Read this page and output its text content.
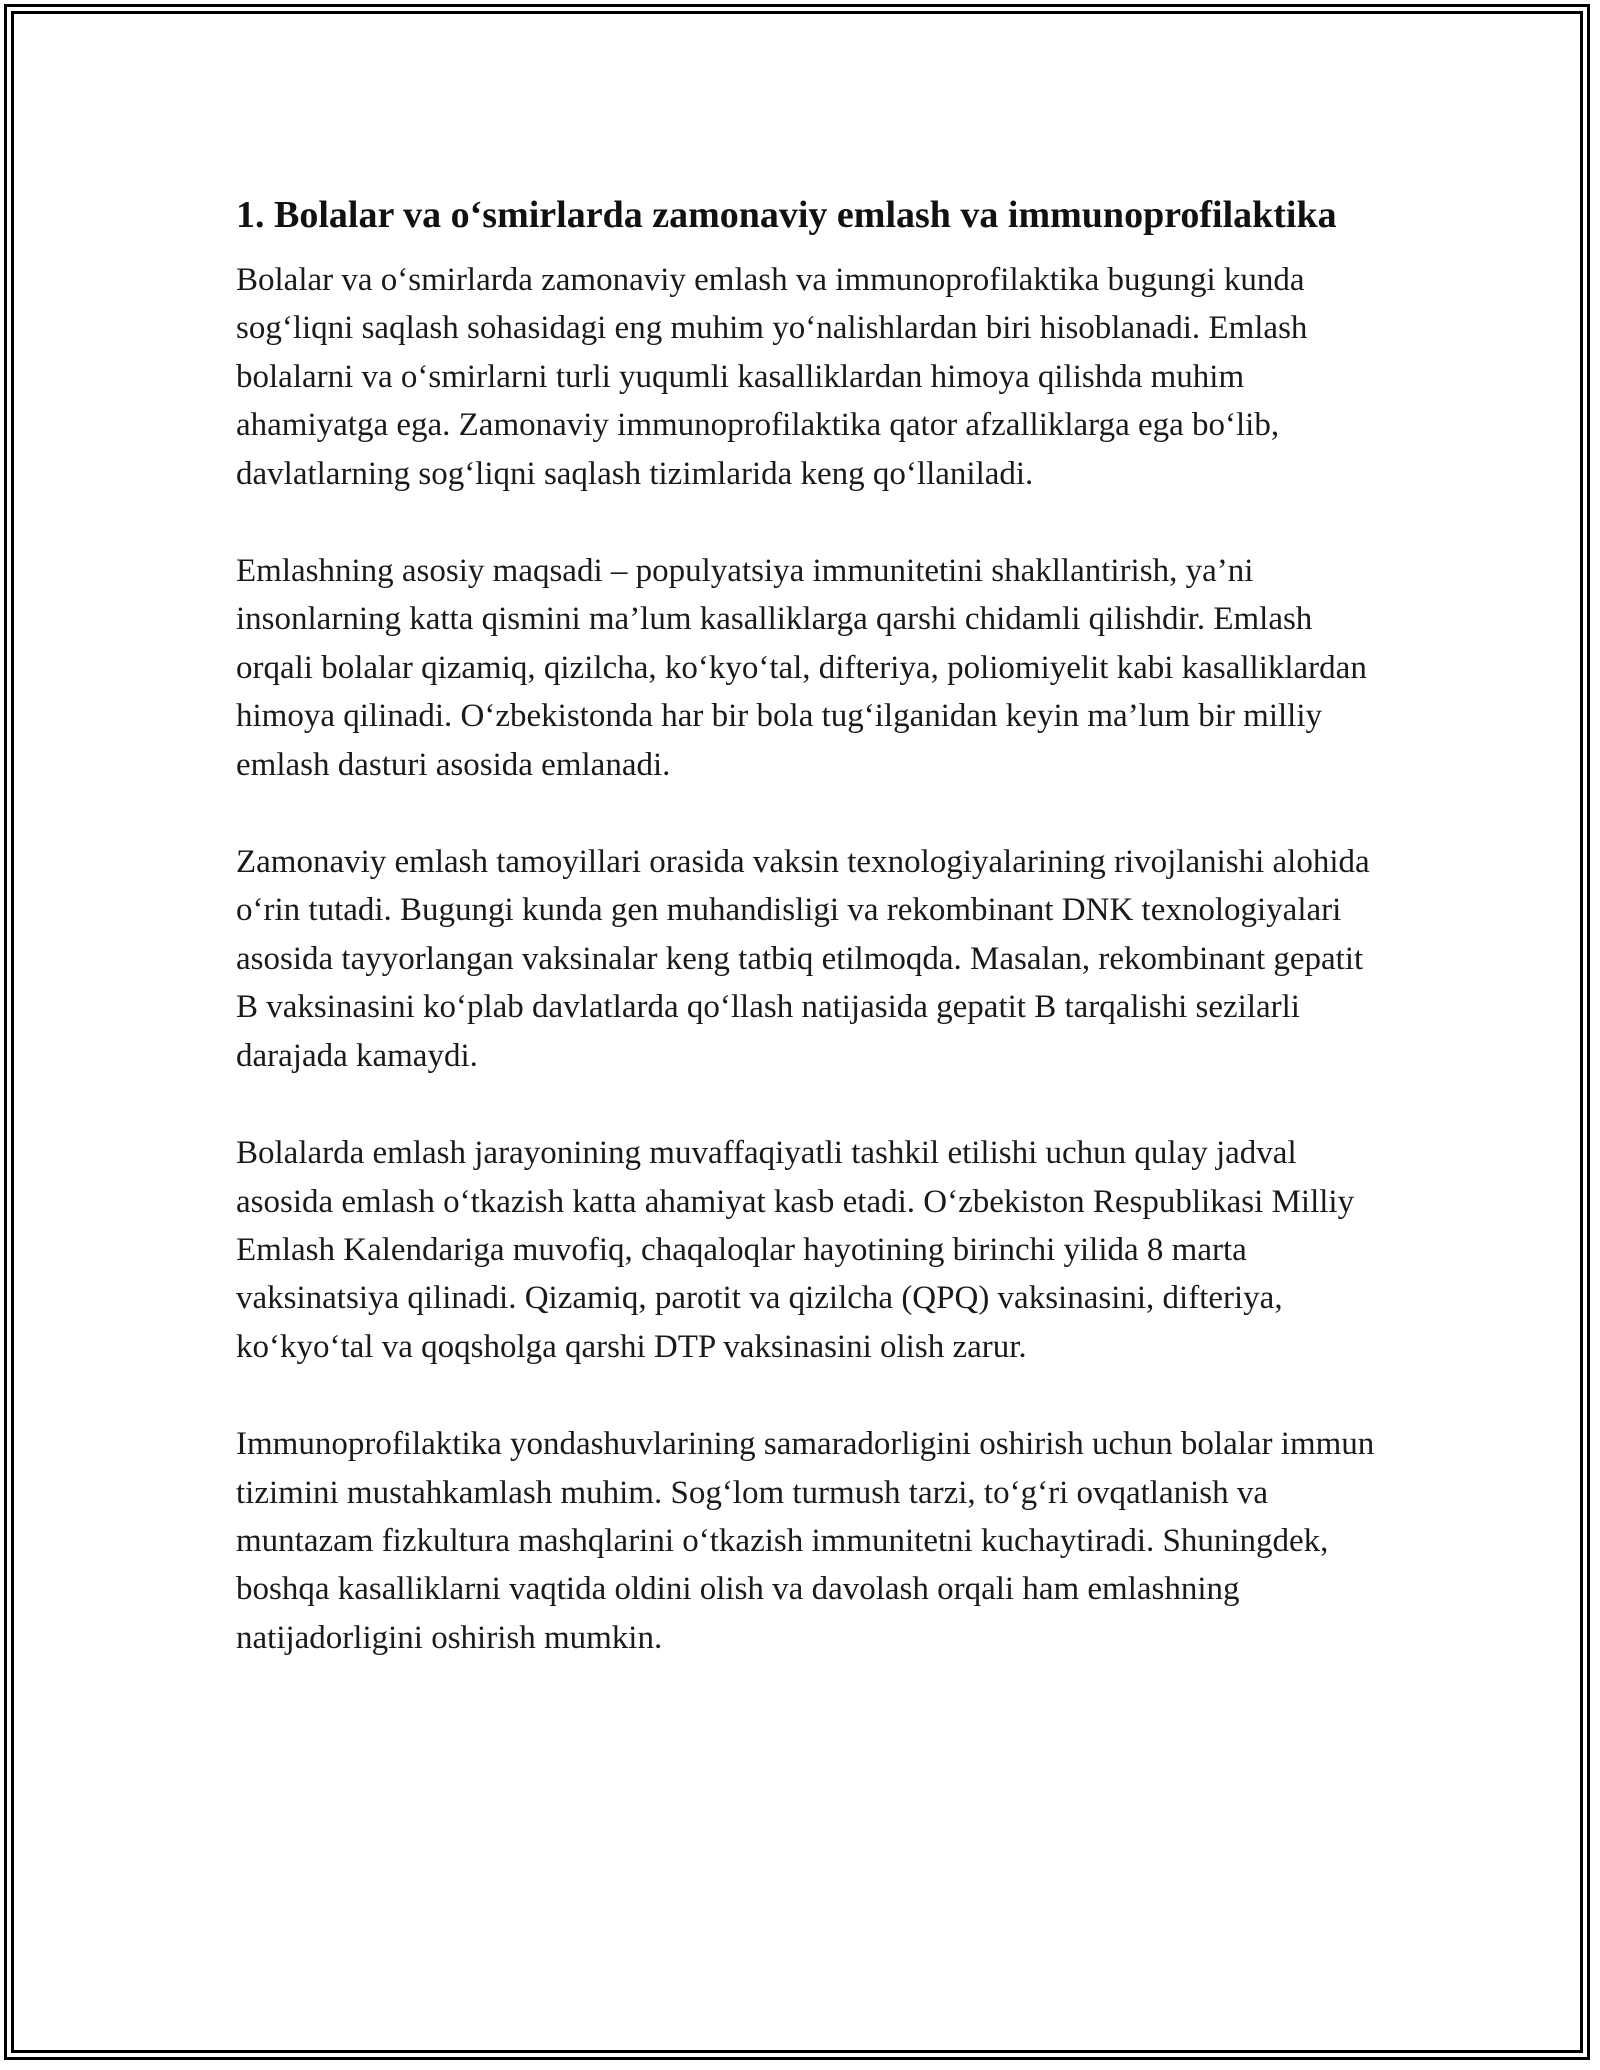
1. Bolalar va o‘smirlarda zamonaviy emlash va immunoprofilaktika

Bolalar va o‘smirlarda zamonaviy emlash va immunoprofilaktika bugungi kunda sog‘liqni saqlash sohasidagi eng muhim yo‘nalishlardan biri hisoblanadi. Emlash bolalarni va o‘smirlarni turli yuqumli kasalliklardan himoya qilishda muhim ahamiyatga ega. Zamonaviy immunoprofilaktika qator afzalliklarga ega bo‘lib, davlatlarning sog‘liqni saqlash tizimlarida keng qo‘llaniladi.

Emlashning asosiy maqsadi – populyatsiya immunitetini shakllantirish, ya’ni insonlarning katta qismini ma’lum kasalliklarga qarshi chidamli qilishdir. Emlash orqali bolalar qizamiq, qizilcha, ko‘kyo‘tal, difteriya, poliomiyelit kabi kasalliklardan himoya qilinadi. O‘zbekistonda har bir bola tug‘ilganidan keyin ma’lum bir milliy emlash dasturi asosida emlanadi.

Zamonaviy emlash tamoyillari orasida vaksin texnologiyalarining rivojlanishi alohida o‘rin tutadi. Bugungi kunda gen muhandisligi va rekombinant DNK texnologiyalari asosida tayyorlangan vaksinalar keng tatbiq etilmoqda. Masalan, rekombinant gepatit B vaksinasini ko‘plab davlatlarda qo‘llash natijasida gepatit B tarqalishi sezilarli darajada kamaydi.

Bolalarda emlash jarayonining muvaffaqiyatli tashkil etilishi uchun qulay jadval asosida emlash o‘tkazish katta ahamiyat kasb etadi. O‘zbekiston Respublikasi Milliy Emlash Kalendariga muvofiq, chaqaloqlar hayotining birinchi yilida 8 marta vaksinatsiya qilinadi. Qizamiq, parotit va qizilcha (QPQ) vaksinasini, difteriya, ko‘kyo‘tal va qoqsholga qarshi DTP vaksinasini olish zarur.

Immunoprofilaktika yondashuvlarining samaradorligini oshirish uchun bolalar immun tizimini mustahkamlash muhim. Sog‘lom turmush tarzi, to‘g‘ri ovqatlanish va muntazam fizkultura mashqlarini o‘tkazish immunitetni kuchaytiradi. Shuningdek, boshqa kasalliklarni vaqtida oldini olish va davolash orqali ham emlashning natijadorligini oshirish mumkin.
